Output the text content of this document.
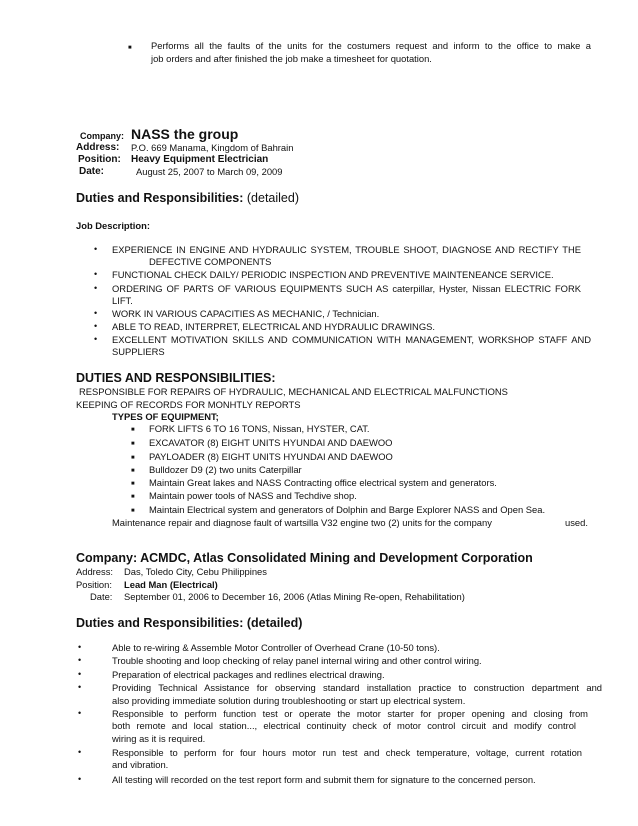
■ Performs all the faults of the units for the costumers request and inform to the office to make a
job orders and after finished the job make a timesheet for quotation.
Company: NASS the group
Address: P.O. 669 Manama, Kingdom of Bahrain
Position: Heavy Equipment Electrician
Date:	August 25, 2007 to March 09, 2009
Duties and Responsibilities: (detailed)
Job Description:
• EXPERIENCE IN ENGINE AND HYDRAULIC SYSTEM, TROUBLE SHOOT, DIAGNOSE AND RECTIFY THE
DEFECTIVE COMPONENTS
• FUNCTIONAL CHECK DAILY/ PERIODIC INSPECTION AND PREVENTIVE MAINTENEANCE SERVICE.
• ORDERING OF PARTS OF VARIOUS EQUIPMENTS SUCH AS caterpillar, Hyster, Nissan ELECTRIC FORK
LIFT.
• WORK IN VARIOUS CAPACITIES AS MECHANIC, / Technician.
• ABLE TO READ, INTERPRET, ELECTRICAL AND HYDRAULIC DRAWINGS.
• EXCELLENT MOTIVATION SKILLS AND COMMUNICATION WITH MANAGEMENT, WORKSHOP STAFF AND
SUPPLIERS
DUTIES AND RESPONSIBILITIES:
RESPONSIBLE FOR REPAIRS OF HYDRAULIC, MECHANICAL AND ELECTRICAL MALFUNCTIONS
KEEPING OF RECORDS FOR MONHTLY REPORTS
TYPES OF EQUIPMENT;
■ FORK LIFTS 6 TO 16 TONS, Nissan, HYSTER, CAT.
■ EXCAVATOR (8) EIGHT UNITS HYUNDAI AND DAEWOO
■ PAYLOADER (8) EIGHT UNITS HYUNDAI AND DAEWOO
■ Bulldozer D9 (2) two units Caterpillar
■ Maintain Great lakes and NASS Contracting office electrical system and generators.
■ Maintain power tools of NASS and Techdive shop.
■ Maintain Electrical system and generators of Dolphin and Barge Explorer NASS and Open Sea.
Maintenance repair and diagnose fault of wartsilla V32 engine two (2) units for the company	used.
Company: ACMDC, Atlas Consolidated Mining and Development Corporation
Address: Das, Toledo City, Cebu Philippines
Position: Lead Man (Electrical)
Date: September 01, 2006 to December 16, 2006 (Atlas Mining Re-open, Rehabilitation)
Duties and Responsibilities: (detailed)
•	Able to re-wiring & Assemble Motor Controller of Overhead Crane (10-50 tons).
•	Trouble shooting and loop checking of relay panel internal wiring and other control wiring.
•	Preparation of electrical packages and redlines electrical drawing.
•	Providing Technical Assistance for observing standard installation practice to construction department and
also providing immediate solution during troubleshooting or start up electrical system.
•	Responsible to perform function test or operate the motor starter for proper opening and closing from
both remote and local station..., electrical continuity check of motor control circuit and modify control
wiring as it is required.
•	Responsible to perform for four hours motor run test and check temperature, voltage, current rotation
and vibration.
•	All testing will recorded on the test report form and submit them for signature to the concerned person.
